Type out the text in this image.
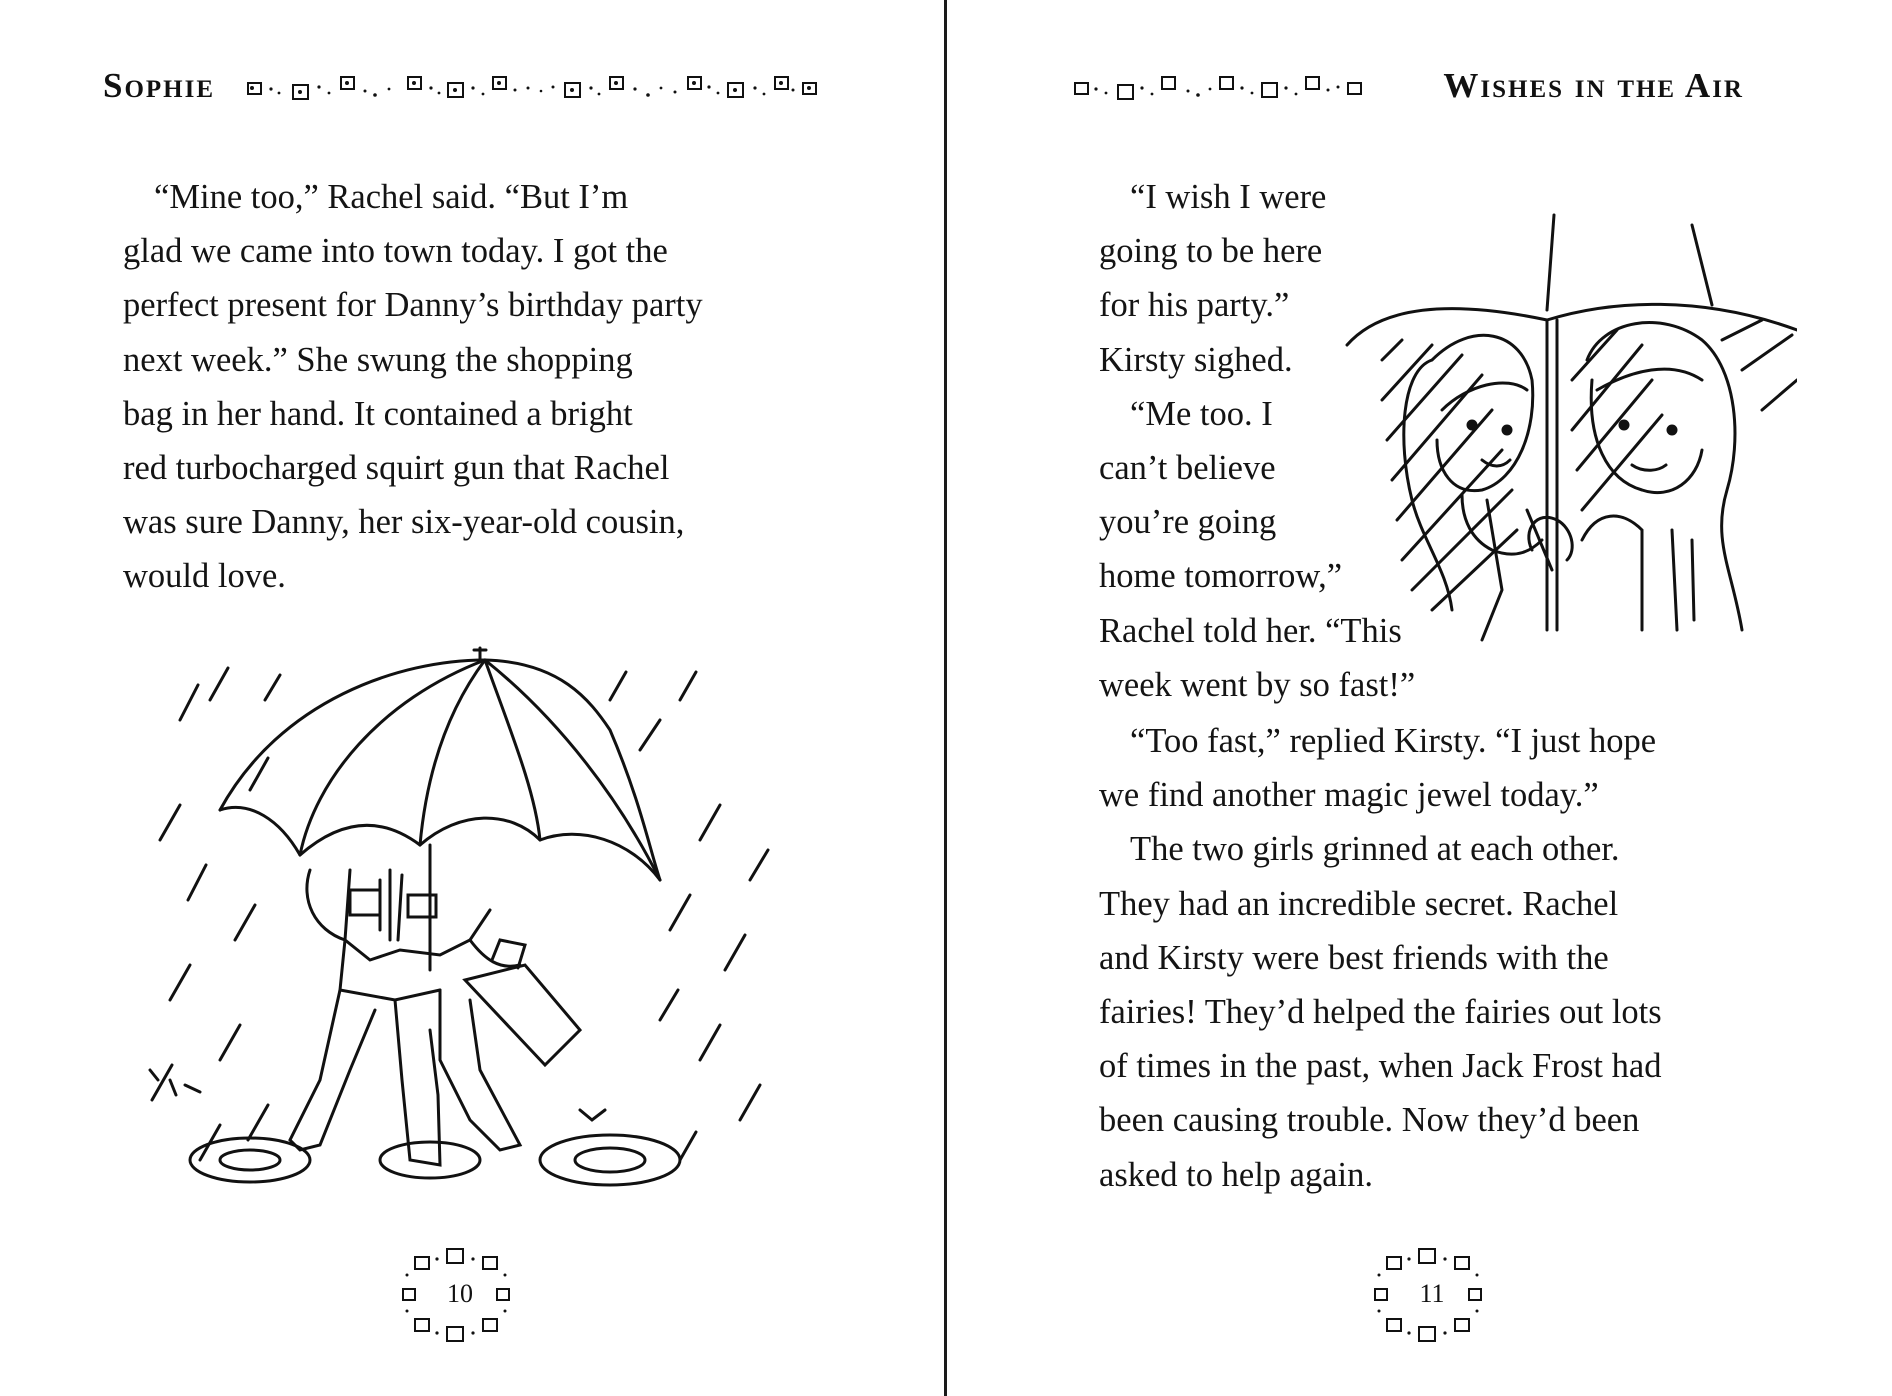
Sophie

“Mine too,” Rachel said. “But I’m

glad we came into town today. I got the

perfect present for Danny’s birthday party

next week.” She swung the shopping

bag in her hand. It contained a bright

red turbocharged squirt gun that Rachel

was sure Danny, her six-year-old cousin,

would love.

10
Wishes in the Air

“I wish I were

going to be here

for his party.”

Kirsty sighed.

“Me too. I

can’t believe

you’re going

home tomorrow,”

Rachel told her. “This

week went by so fast!”

“Too fast,” replied Kirsty. “I just hope

we find another magic jewel today.”

The two girls grinned at each other.

They had an incredible secret. Rachel

and Kirsty were best friends with the

fairies! They’d helped the fairies out lots

of times in the past, when Jack Frost had

been causing trouble. Now they’d been

asked to help again.

11
